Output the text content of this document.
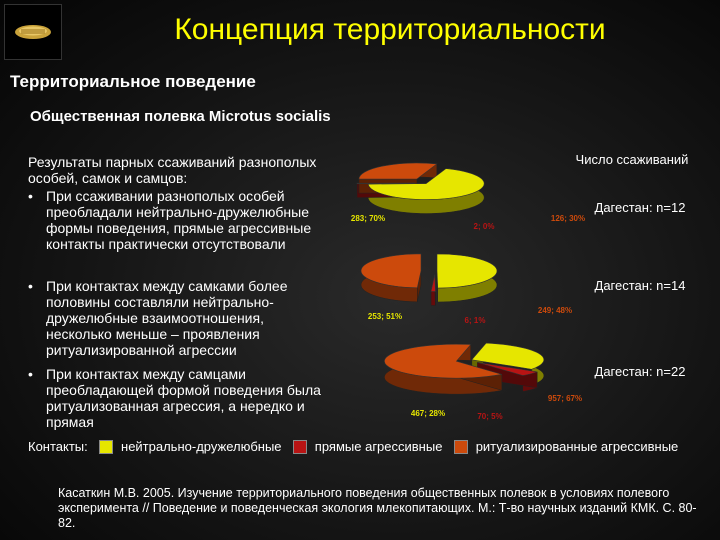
Концепция территориальности
Территориальное поведение
Общественная полевка Microtus socialis
Результаты парных ссаживаний разнополых особей, самок и самцов:
• При ссаживании разнополых особей преобладали нейтрально-дружелюбные формы поведения, прямые агрессивные контакты практически отсутствовали
• При контактах между самками более половины составляли нейтрально-дружелюбные взаимоотношения, несколько меньше – проявления ритуализированной агрессии
• При контактах между самцами преобладающей формой поведения была ритуализованная агрессия, а нередко и прямая
Число ссаживаний
283; 70%
2; 0%
126; 30%
Дагестан: n=12
253; 51%	6; 1%
249; 48%
Дагестан: n=14
467; 28%	70; 5%
957; 67%
Дагестан: n=22
Контакты:	нейтрально-дружелюбные	прямые агрессивные	ритуализированные агрессивные
Касаткин М.В. 2005. Изучение территориального поведения общественных полевок в условиях полевого эксперимента // Поведение и поведенческая экология млекопитающих. М.: Т-во научных изданий КМК. С. 80-82.
